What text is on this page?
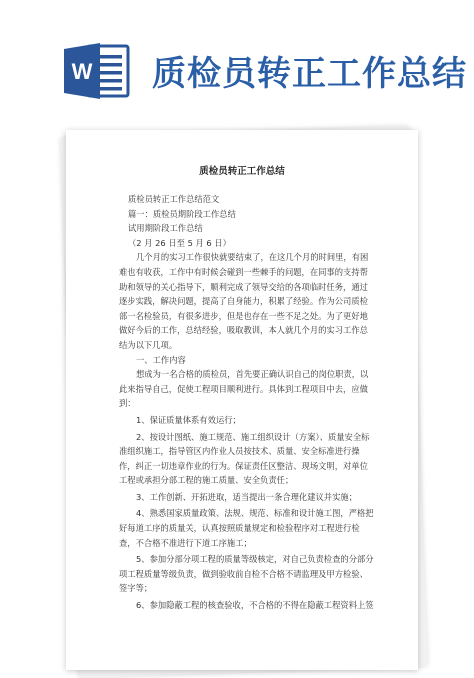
W 质检员转正工作总结
质检员转正工作总结

质检员转正工作总结范文

篇一：质检员期阶段工作总结

试用期阶段工作总结

（2 月 26 日至 5 月 6 日）

几个月的实习工作很快就要结束了，在这几个月的时间里，有困难也有收获，工作中有时候会碰到一些棘手的问题，在同事的支持帮助和领导的关心指导下，顺利完成了领导交给的各项临时任务，通过逐步实践，解决问题，提高了自身能力，积累了经验。作为公司质检部一名检验员，有很多进步，但是也存在一些不足之处。为了更好地做好今后的工作，总结经验，吸取教训，本人就几个月的实习工作总结为以下几项。

一、工作内容

想成为一名合格的质检员，首先要正确认识自己的岗位职责，以此来指导自己，促使工程项目顺利进行。具体到工程项目中去，应做到：

1、保证质量体系有效运行；

2、按设计图纸、施工规范、施工组织设计（方案）、质量安全标准组织施工，指导管区内作业人员按技术、质量、安全标准进行操作，纠正一切违章作业的行为。保证责任区整洁、现场文明，对单位工程或承担分部工程的施工质量、安全负责任；

3、工作创新、开拓进取，适当提出一条合理化建议并实施；

4、熟悉国家质量政策、法规、规范、标准和设计施工图，严格把好每道工序的质量关，认真按照质量规定和检验程序对工程进行检查，不合格不准进行下道工序施工；

5、参加分部分项工程的质量等级核定，对自己负责检查的分部分项工程质量等级负责，做到验收前自检不合格不请监理及甲方检验、签字等；

6、参加隐蔽工程的核查验收，不合格的不得在隐蔽工程资料上签
